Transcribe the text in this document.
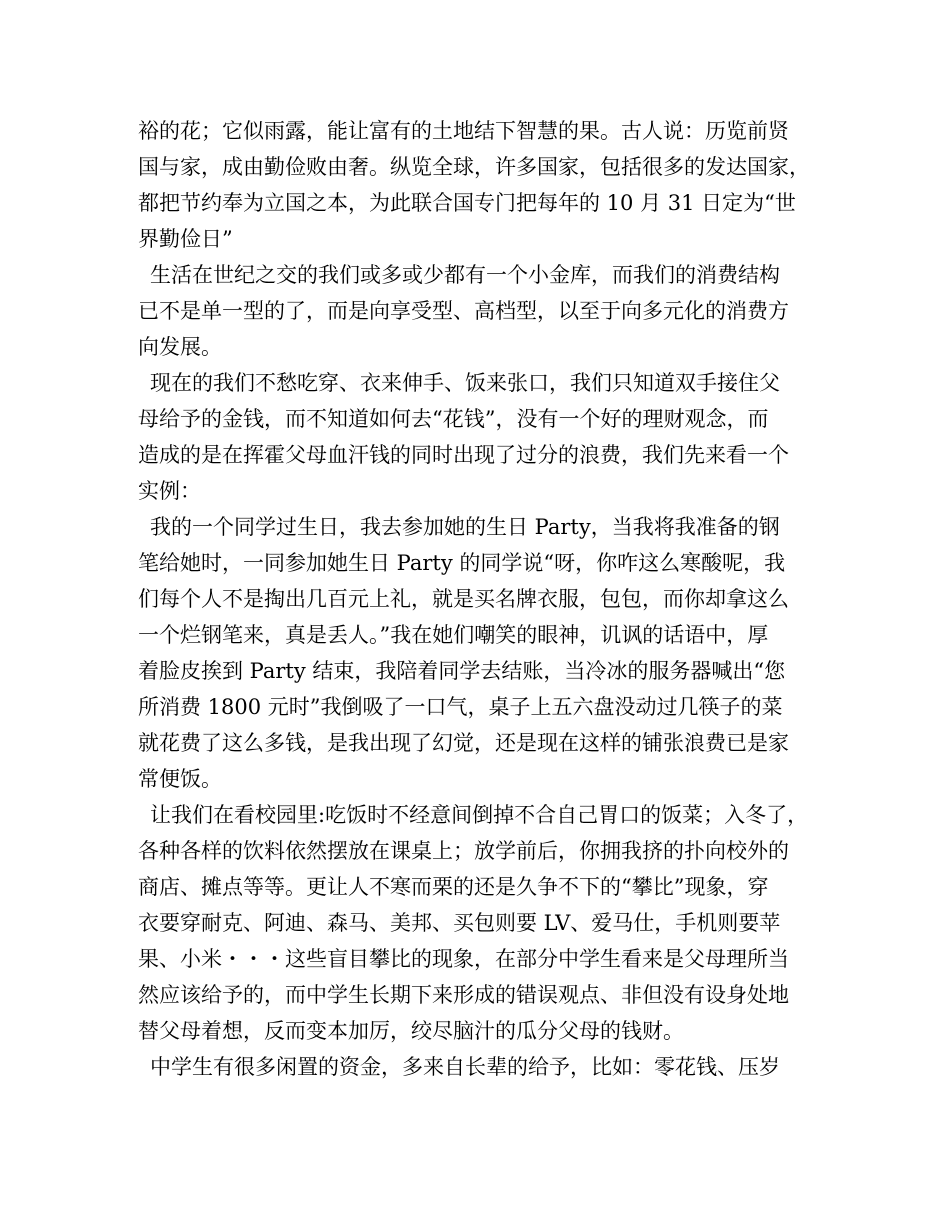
裕的花；它似雨露，能让富有的土地结下智慧的果。古人说：历览前贤
国与家，成由勤俭败由奢。纵览全球，许多国家，包括很多的发达国家，
都把节约奉为立国之本，为此联合国专门把每年的 10 月 31 日定为“世
界勤俭日”
生活在世纪之交的我们或多或少都有一个小金库，而我们的消费结构
已不是单一型的了，而是向享受型、高档型，以至于向多元化的消费方
向发展。
现在的我们不愁吃穿、衣来伸手、饭来张口，我们只知道双手接住父
母给予的金钱，而不知道如何去“花钱”，没有一个好的理财观念，而
造成的是在挥霍父母血汗钱的同时出现了过分的浪费，我们先来看一个
实例：
我的一个同学过生日，我去参加她的生日 Party，当我将我准备的钢
笔给她时，一同参加她生日 Party 的同学说“呀，你咋这么寒酸呢，我
们每个人不是掏出几百元上礼，就是买名牌衣服，包包，而你却拿这么
一个烂钢笔来，真是丢人。”我在她们嘲笑的眼神，讥讽的话语中，厚
着脸皮挨到 Party 结束，我陪着同学去结账，当冷冰的服务器喊出“您
所消费 1800 元时”我倒吸了一口气，桌子上五六盘没动过几筷子的菜
就花费了这么多钱，是我出现了幻觉，还是现在这样的铺张浪费已是家
常便饭。
让我们在看校园里:吃饭时不经意间倒掉不合自己胃口的饭菜；入冬了，
各种各样的饮料依然摆放在课桌上；放学前后，你拥我挤的扑向校外的
商店、摊点等等。更让人不寒而栗的还是久争不下的“攀比”现象，穿
衣要穿耐克、阿迪、森马、美邦、买包则要 LV、爱马仕，手机则要苹
果、小米・・・这些盲目攀比的现象，在部分中学生看来是父母理所当
然应该给予的，而中学生长期下来形成的错误观点、非但没有设身处地
替父母着想，反而变本加厉，绞尽脑汁的瓜分父母的钱财。
中学生有很多闲置的资金，多来自长辈的给予，比如：零花钱、压岁
